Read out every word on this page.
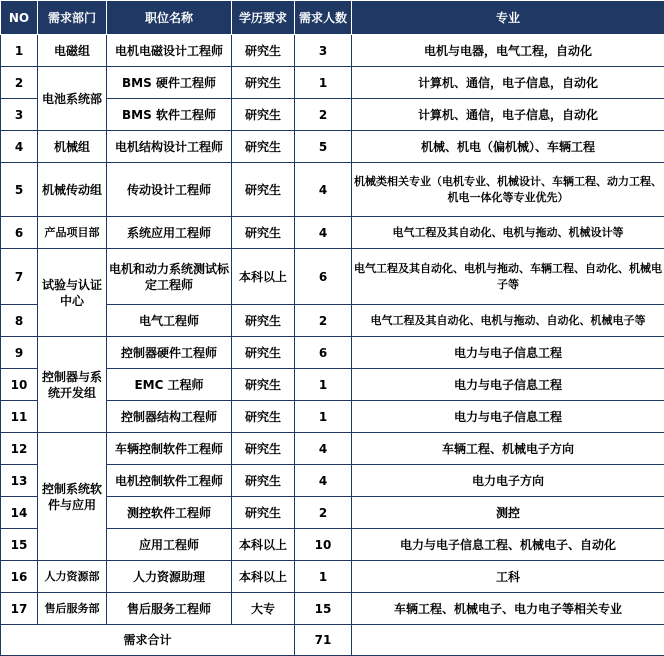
NO	需求部门	职位名称	学历要求	需求人数	专业
1	电磁组	电机电磁设计工程师	研究生	3	电机与电器，电气工程，自动化
2	电池系统部	BMS 硬件工程师	研究生	1	计算机、通信，电子信息，自动化
3		BMS 软件工程师	研究生	2	计算机、通信，电子信息，自动化
4	机械组	电机结构设计工程师	研究生	5	机械、机电（偏机械）、车辆工程
5	机械传动组	传动设计工程师	研究生	4	机械类相关专业（电机专业、机械设计、车辆工程、动力工程、机电一体化等专业优先）
6	产品项目部	系统应用工程师	研究生	4	电气工程及其自动化、电机与拖动、机械设计等
7	试验与认证中心	电机和动力系统测试标定工程师	本科以上	6	电气工程及其自动化、电机与拖动、车辆工程、自动化、机械电子等
8		电气工程师	研究生	2	电气工程及其自动化、电机与拖动、自动化、机械电子等
9	控制器与系统开发组	控制器硬件工程师	研究生	6	电力与电子信息工程
10		EMC 工程师	研究生	1	电力与电子信息工程
11		控制器结构工程师	研究生	1	电力与电子信息工程
12	控制系统软件与应用	车辆控制软件工程师	研究生	4	车辆工程、机械电子方向
13		电机控制软件工程师	研究生	4	电力电子方向
14		测控软件工程师	研究生	2	测控
15		应用工程师	本科以上	10	电力与电子信息工程、机械电子、自动化
16	人力资源部	人力资源助理	本科以上	1	工科
17	售后服务部	售后服务工程师	大专	15	车辆工程、机械电子、电力电子等相关专业
需求合计				71	
